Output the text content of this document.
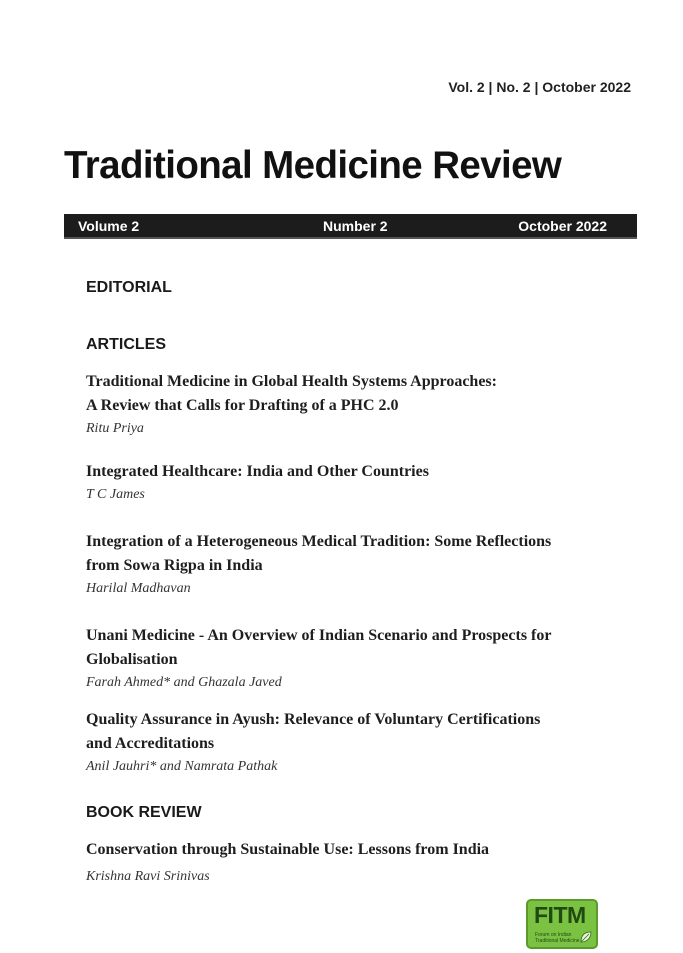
Vol. 2 | No. 2 | October 2022
Traditional Medicine Review
Volume 2	Number 2	October 2022
EDITORIAL
ARTICLES
Traditional Medicine in Global Health Systems Approaches:
A Review that Calls for Drafting of a PHC 2.0
Ritu Priya
Integrated Healthcare: India and Other Countries
T C James
Integration of a Heterogeneous Medical Tradition: Some Reflections
from Sowa Rigpa in India
Harilal Madhavan
Unani Medicine - An Overview of Indian Scenario and Prospects for
Globalisation
Farah Ahmed* and Ghazala Javed
Quality Assurance in Ayush: Relevance of Voluntary Certifications
and Accreditations
Anil Jauhri* and Namrata Pathak
BOOK REVIEW
Conservation through Sustainable Use: Lessons from India
Krishna Ravi Srinivas
FITM
Forum on Indian
Traditional Medicine
